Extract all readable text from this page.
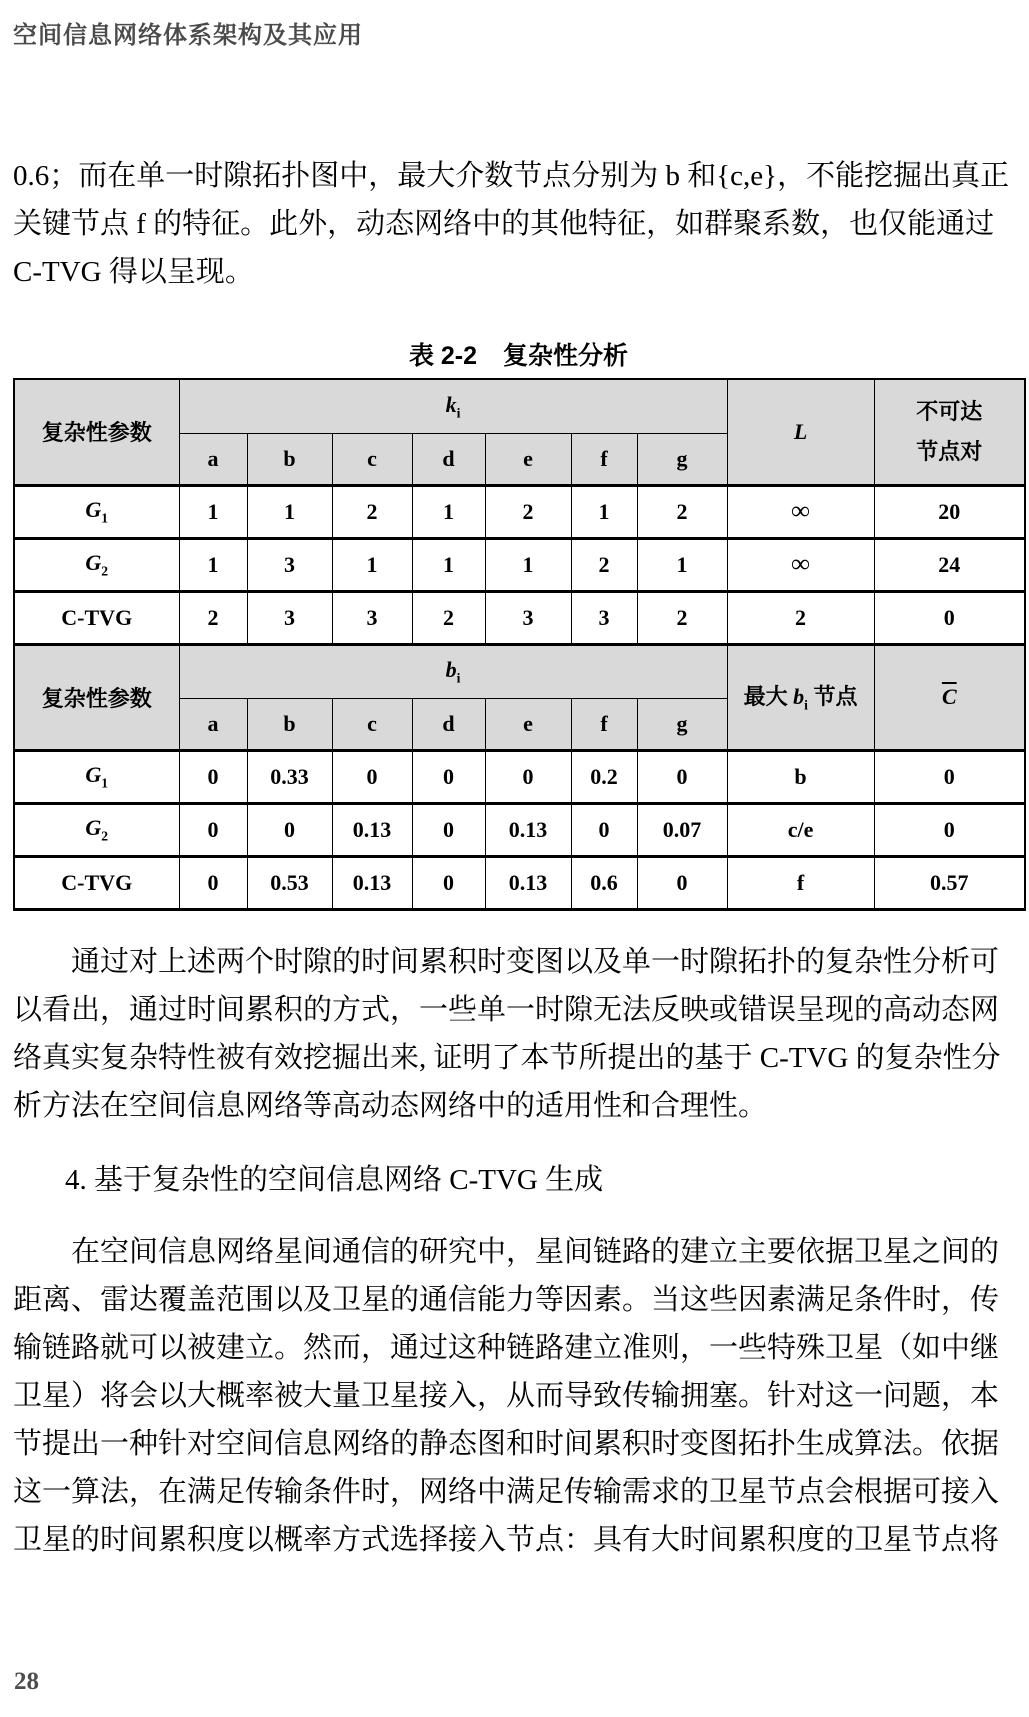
空间信息网络体系架构及其应用
0.6；而在单一时隙拓扑图中，最大介数节点分别为 b 和{c,e}，不能挖掘出真正
关键节点 f 的特征。此外，动态网络中的其他特征，如群聚系数，也仅能通过
C-TVG 得以呈现。
表 2-2 复杂性分析
复杂性参数	$k_i$							L	不可达
节点对

	a	b	c	d	e	f	g		
$G_1$	1	1	2	1	2	1	2	∞	20
$G_2$	1	3	1	1	1	2	1	∞	24
C-TVG	2	3	3	2	3	3	2	2	0
复杂性参数	$b_i$							最大 $b_i$ 节点	$\overline{C}$
	a	b	c	d	e	f	g		
$G_1$	0	0.33	0	0	0	0.2	0	b	0
$G_2$	0	0	0.13	0	0.13	0	0.07	c/e	0
C-TVG	0	0.53	0.13	0	0.13	0.6	0	f	0.57
通过对上述两个时隙的时间累积时变图以及单一时隙拓扑的复杂性分析可
以看出，通过时间累积的方式，一些单一时隙无法反映或错误呈现的高动态网
络真实复杂特性被有效挖掘出来, 证明了本节所提出的基于 C-TVG 的复杂性分
析方法在空间信息网络等高动态网络中的适用性和合理性。
4. 基于复杂性的空间信息网络 C-TVG 生成
在空间信息网络星间通信的研究中，星间链路的建立主要依据卫星之间的
距离、雷达覆盖范围以及卫星的通信能力等因素。当这些因素满足条件时，传
输链路就可以被建立。然而，通过这种链路建立准则，一些特殊卫星（如中继
卫星）将会以大概率被大量卫星接入，从而导致传输拥塞。针对这一问题，本
节提出一种针对空间信息网络的静态图和时间累积时变图拓扑生成算法。依据
这一算法，在满足传输条件时，网络中满足传输需求的卫星节点会根据可接入
卫星的时间累积度以概率方式选择接入节点：具有大时间累积度的卫星节点将
28
